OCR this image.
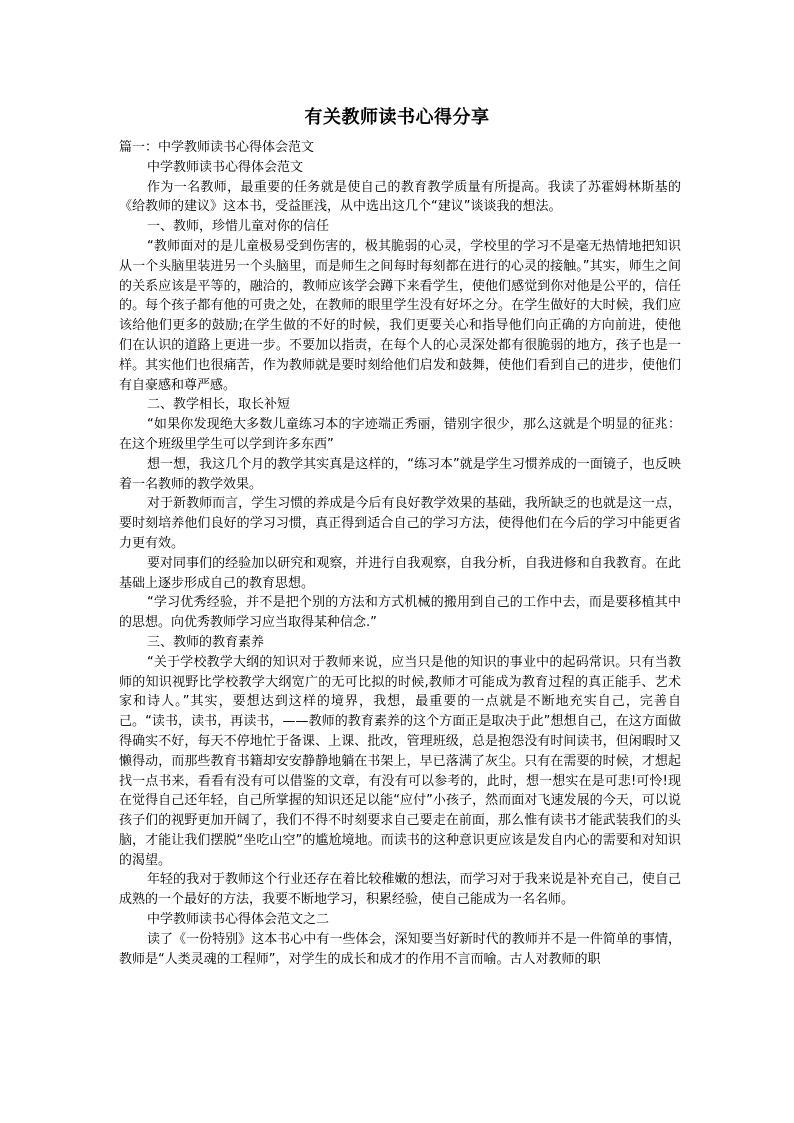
有关教师读书心得分享

篇一：中学教师读书心得体会范文

中学教师读书心得体会范文

作为一名教师，最重要的任务就是使自己的教育教学质量有所提高。我读了苏霍姆林斯基的《给教师的建议》这本书，受益匪浅，从中选出这几个“建议”谈谈我的想法。

一、教师，珍惜儿童对你的信任

“教师面对的是儿童极易受到伤害的，极其脆弱的心灵，学校里的学习不是毫无热情地把知识从一个头脑里装进另一个头脑里，而是师生之间每时每刻都在进行的心灵的接触。”其实，师生之间的关系应该是平等的，融洽的，教师应该学会蹲下来看学生，使他们感觉到你对他是公平的，信任的。每个孩子都有他的可贵之处，在教师的眼里学生没有好坏之分。在学生做好的大时候，我们应该给他们更多的鼓励;在学生做的不好的时候，我们更要关心和指导他们向正确的方向前进，使他们在认识的道路上更进一步。不要加以指责，在每个人的心灵深处都有很脆弱的地方，孩子也是一样。其实他们也很痛苦，作为教师就是要时刻给他们启发和鼓舞，使他们看到自己的进步，使他们有自豪感和尊严感。

二、教学相长，取长补短

“如果你发现绝大多数儿童练习本的字迹端正秀丽，错别字很少，那么这就是个明显的征兆：在这个班级里学生可以学到许多东西”

想一想，我这几个月的教学其实真是这样的，“练习本”就是学生习惯养成的一面镜子，也反映着一名教师的教学效果。

对于新教师而言，学生习惯的养成是今后有良好教学效果的基础，我所缺乏的也就是这一点，要时刻培养他们良好的学习习惯，真正得到适合自己的学习方法，使得他们在今后的学习中能更省力更有效。

要对同事们的经验加以研究和观察，并进行自我观察，自我分析，自我进修和自我教育。在此基础上逐步形成自己的教育思想。

“学习优秀经验，并不是把个别的方法和方式机械的搬用到自己的工作中去，而是要移植其中的思想。向优秀教师学习应当取得某种信念.”

三、教师的教育素养

“关于学校教学大纲的知识对于教师来说，应当只是他的知识的事业中的起码常识。只有当教师的知识视野比学校教学大纲宽广的无可比拟的时候,教师才可能成为教育过程的真正能手、艺术家和诗人。”其实，要想达到这样的境界，我想，最重要的一点就是不断地充实自己，完善自己。“读书，读书，再读书，——教师的教育素养的这个方面正是取决于此”想想自己，在这方面做得确实不好，每天不停地忙于备课、上课、批改，管理班级，总是抱怨没有时间读书，但闲暇时又懒得动，而那些教育书籍却安安静静地躺在书架上，早已落满了灰尘。只有在需要的时候，才想起找一点书来，看看有没有可以借鉴的文章，有没有可以参考的，此时，想一想实在是可悲!可怜!现在觉得自己还年轻，自己所掌握的知识还足以能“应付”小孩子，然而面对飞速发展的今天，可以说孩子们的视野更加开阔了，我们不得不时刻要求自己要走在前面，那么惟有读书才能武装我们的头脑，才能让我们摆脱“坐吃山空”的尴尬境地。而读书的这种意识更应该是发自内心的需要和对知识的渴望。

年轻的我对于教师这个行业还存在着比较稚嫩的想法，而学习对于我来说是补充自己，使自己成熟的一个最好的方法，我要不断地学习，积累经验，使自己能成为一名名师。

中学教师读书心得体会范文之二

读了《一份特别》这本书心中有一些体会，深知要当好新时代的教师并不是一件简单的事情，教师是“人类灵魂的工程师”，对学生的成长和成才的作用不言而喻。古人对教师的职
